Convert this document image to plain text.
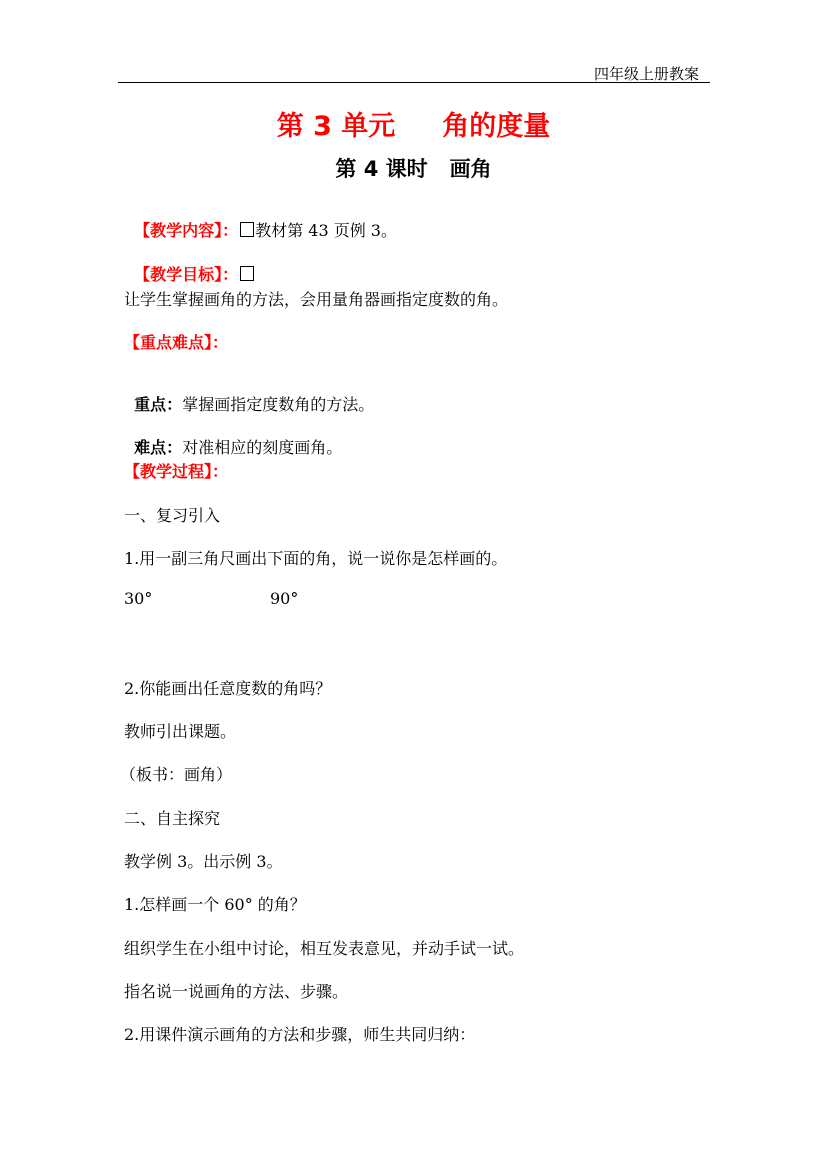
四年级上册教案
第 3 单元     角的度量
第 4 课时   画角

【教学内容】： 教材第 43 页例 3。

【教学目标】：

让学生掌握画角的方法，会用量角器画指定度数的角。
【重点难点】：

重点：掌握画指定度数角的方法。

难点：对准相应的刻度画角。

【教学过程】：
一、复习引入
1.用一副三角尺画出下面的角，说一说你是怎样画的。
30°	90°
2.你能画出任意度数的角吗？
教师引出课题。
（板书：画角）
二、自主探究
教学例 3。出示例 3。
1.怎样画一个 60° 的角？
组织学生在小组中讨论，相互发表意见，并动手试一试。
指名说一说画角的方法、步骤。
2.用课件演示画角的方法和步骤，师生共同归纳：
